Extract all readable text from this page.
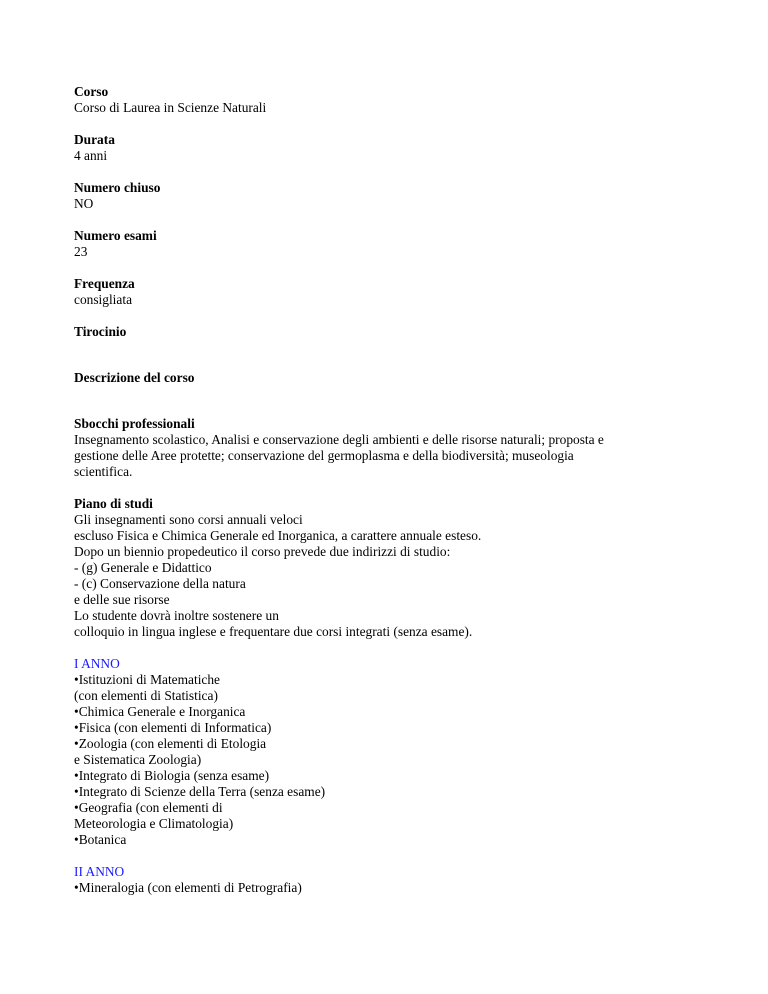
Corso
Corso di Laurea in Scienze Naturali
Durata
4 anni
Numero chiuso
NO
Numero esami
23
Frequenza
consigliata
Tirocinio
Descrizione del corso
Sbocchi professionali
Insegnamento scolastico, Analisi e conservazione degli ambienti e delle risorse naturali; proposta e
gestione delle Aree protette; conservazione del germoplasma e della biodiversità; museologia
scientifica.
Piano di studi
Gli insegnamenti sono corsi annuali veloci
escluso Fisica e Chimica Generale ed Inorganica, a carattere annuale esteso.
Dopo un biennio propedeutico il corso prevede due indirizzi di studio:
- (g) Generale e Didattico
- (c) Conservazione della natura
e delle sue risorse
Lo studente dovrà inoltre sostenere un
colloquio in lingua inglese e frequentare due corsi integrati (senza esame).
I ANNO
•Istituzioni di Matematiche
(con elementi di Statistica)
•Chimica Generale e Inorganica
•Fisica (con elementi di Informatica)
•Zoologia (con elementi di Etologia
e Sistematica Zoologia)
•Integrato di Biologia (senza esame)
•Integrato di Scienze della Terra (senza esame)
•Geografia (con elementi di
Meteorologia e Climatologia)
•Botanica
II ANNO
•Mineralogia (con elementi di Petrografia)
